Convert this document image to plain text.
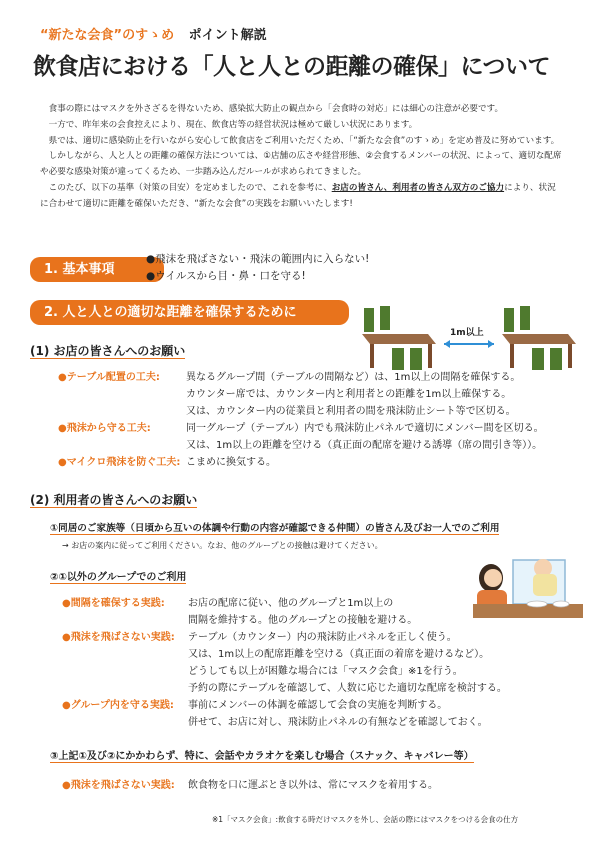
“新たな会食”のすゝめ ポイント解説
飲食店における「人と人との距離の確保」について

食事の際にはマスクを外さざるを得ないため、感染拡大防止の観点から「会食時の対応」には細心の注意が必要です。

一方で、昨年来の会食控えにより、現在、飲食店等の経営状況は極めて厳しい状況にあります。

県では、適切に感染防止を行いながら安心して飲食店をご利用いただくため、「“新たな会食”のすゝめ」を定め普及に努めています。

しかしながら、人と人との距離の確保方法については、①店舗の広さや経営形態、②会食するメンバーの状況、によって、適切な配席や必要な感染対策が違ってくるため、一歩踏み込んだルールが求められてきました。

このたび、以下の基準（対策の目安）を定めましたので、これを参考に、お店の皆さん、利用者の皆さん双方のご協力により、状況に合わせて適切に距離を確保いただき、“新たな会食”の実践をお願いいたします!

1. 基本事項
●飛沫を飛ばさない・飛沫の範囲内に入らない!
●ウイルスから目・鼻・口を守る!
2. 人と人との適切な距離を確保するために
1m以上
(1) お店の皆さんへのお願い
●テーブル配置の工夫:	異なるグループ間（テーブルの間隔など）は、1m以上の間隔を確保する。
カウンター席では、カウンター内と利用者との距離を1m以上確保する。
又は、カウンター内の従業員と利用者の間を飛沫防止シート等で区切る。
●飛沫から守る工夫:	同一グループ（テーブル）内でも飛沫防止パネルで適切にメンバー間を区切る。
又は、1m以上の距離を空ける（真正面の配席を避ける誘導（席の間引き等））。
●マイクロ飛沫を防ぐ工夫: こまめに換気する。
(2) 利用者の皆さんへのお願い
①同居のご家族等（日頃から互いの体調や行動の内容が確認できる仲間）の皆さん及びお一人でのご利用
→ お店の案内に従ってご利用ください。なお、他のグループとの接触は避けてください。
②①以外のグループでのご利用
●間隔を確保する実践: お店の配席に従い、他のグループと1m以上の
間隔を維持する。他のグループとの接触を避ける。
●飛沫を飛ばさない実践: テーブル（カウンター）内の飛沫防止パネルを正しく使う。
又は、1m以上の配席距離を空ける（真正面の着席を避けるなど）。
どうしても以上が困難な場合には「マスク会食」※1を行う。
予約の際にテーブルを確認して、人数に応じた適切な配席を検討する。
●グループ内を守る実践: 事前にメンバーの体調を確認して会食の実施を判断する。
併せて、お店に対し、飛沫防止パネルの有無などを確認しておく。
③上記①及び②にかかわらず、特に、会話やカラオケを楽しむ場合（スナック、キャバレー等）
●飛沫を飛ばさない実践: 飲食物を口に運ぶとき以外は、常にマスクを着用する。
※1「マスク会食」:飲食する時だけマスクを外し、会話の際にはマスクをつける会食の仕方
